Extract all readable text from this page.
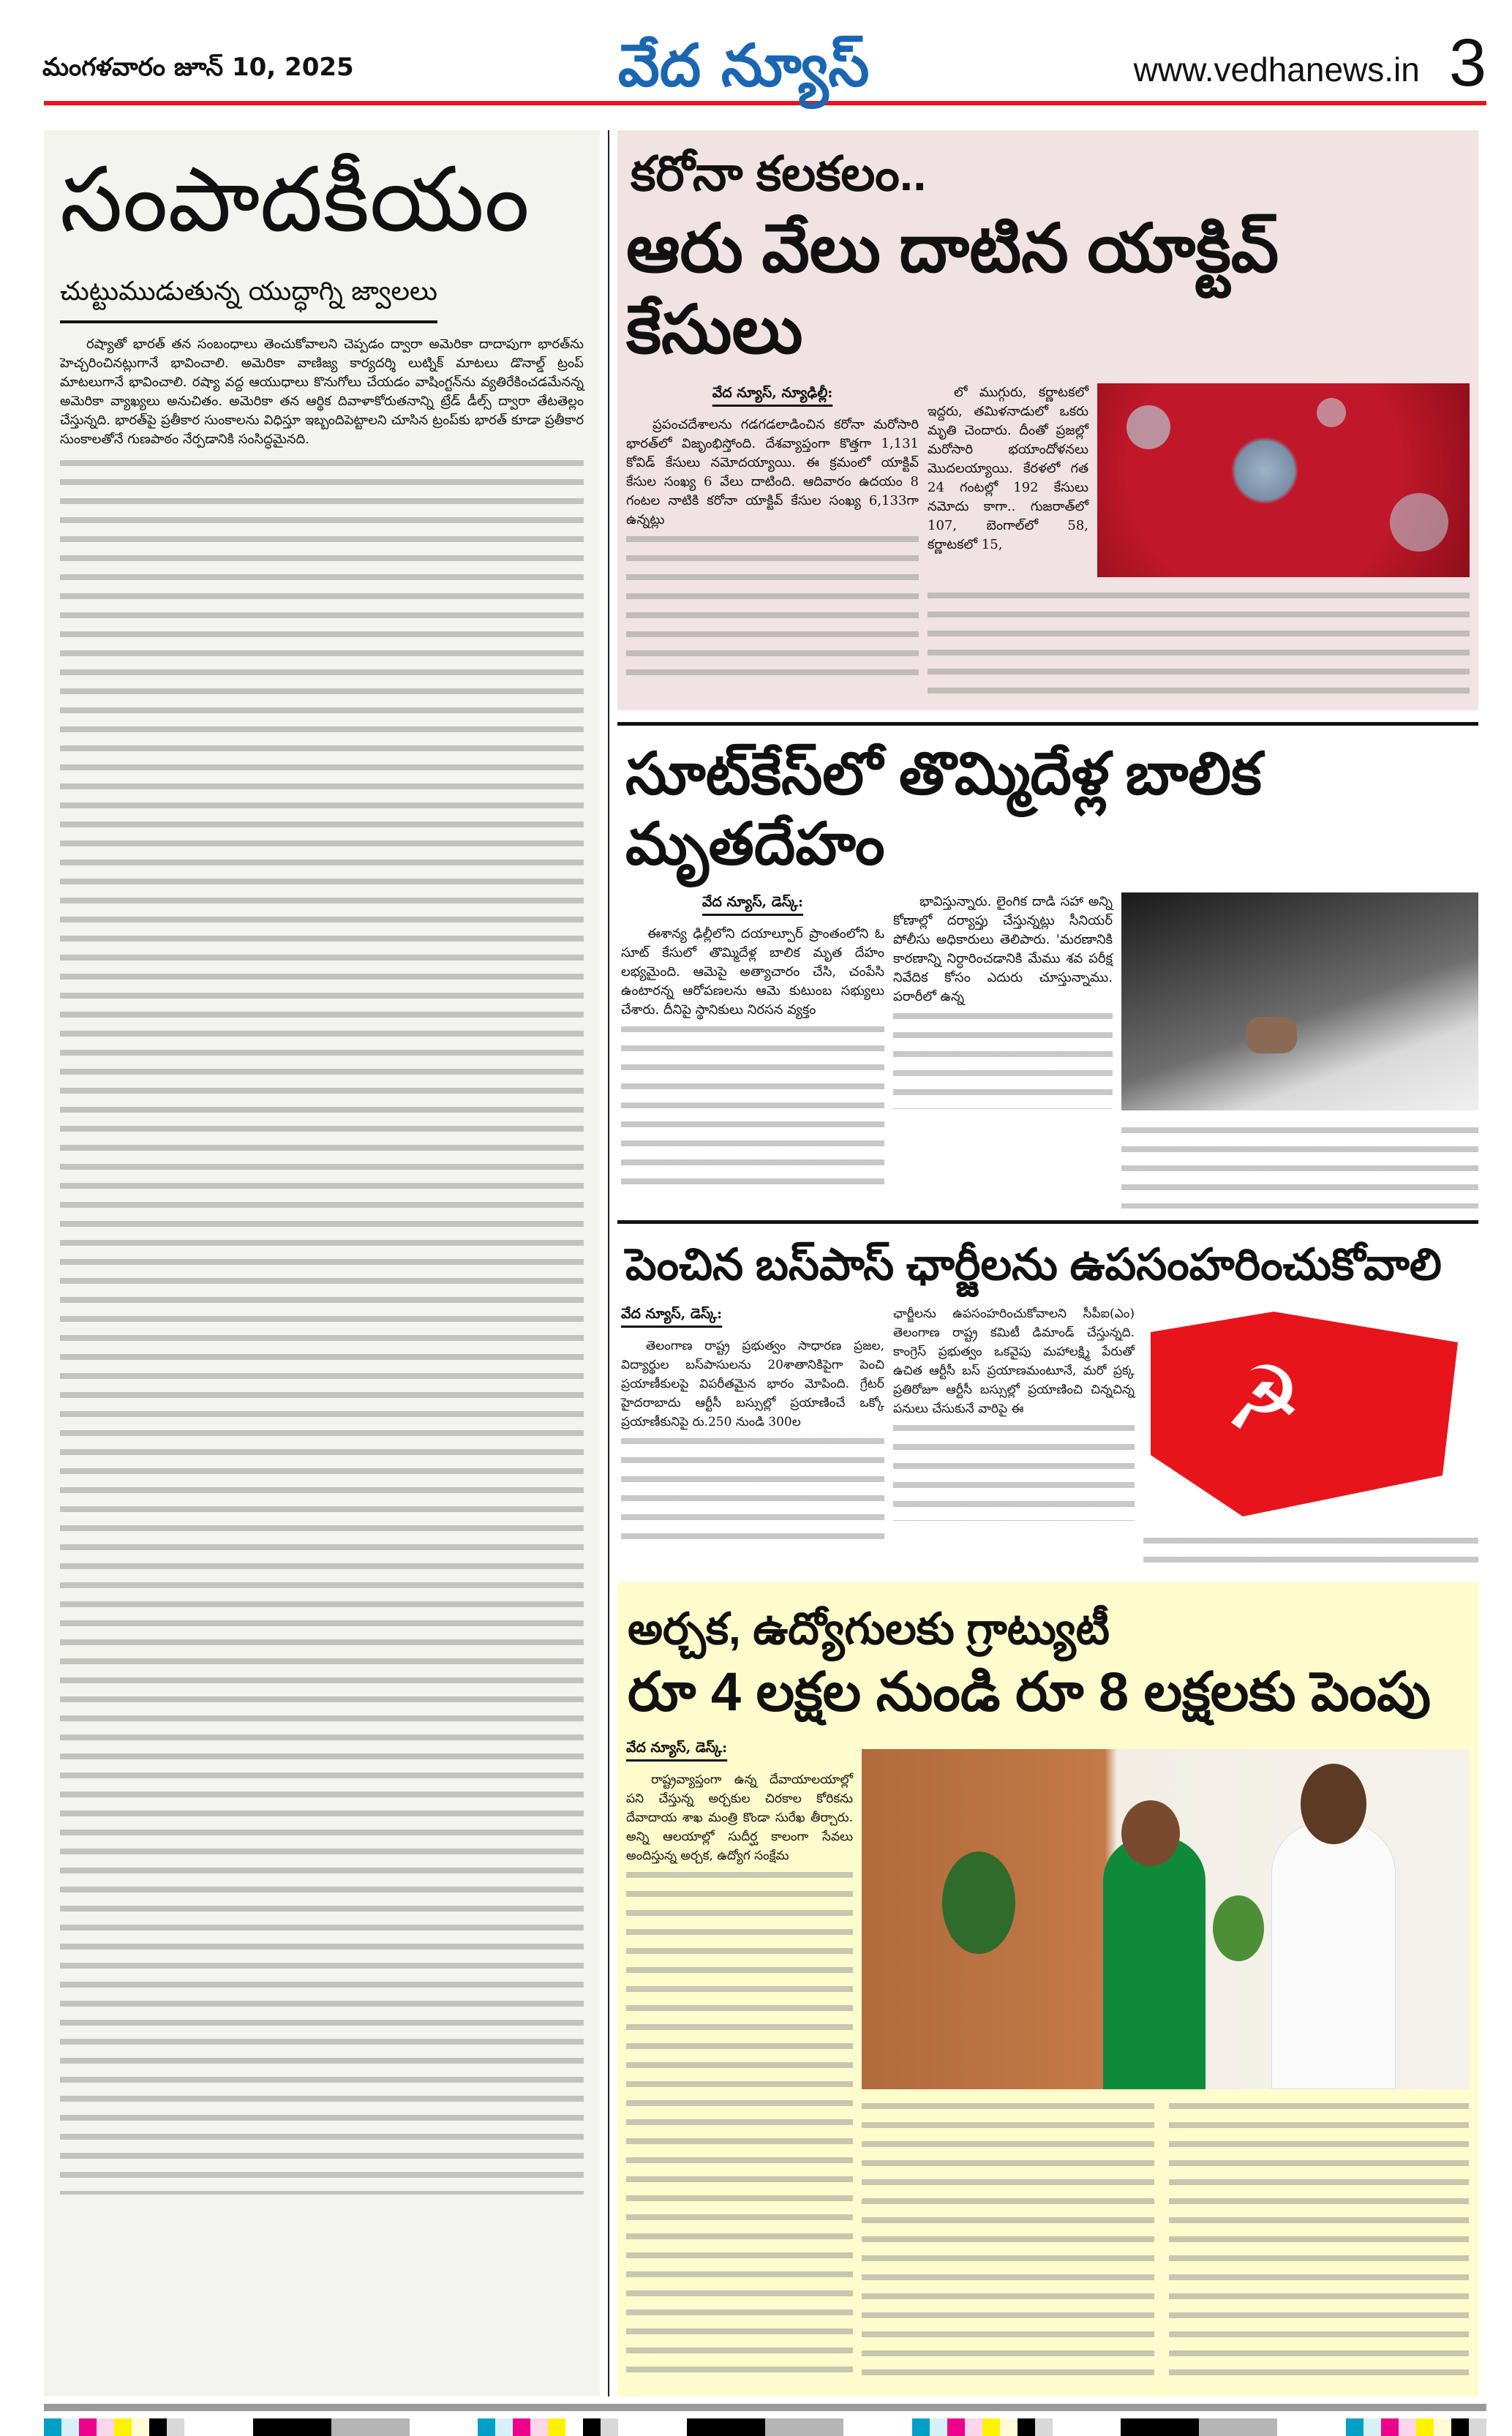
మంగళవారం జూన్ 10, 2025	వేద న్యూస్	www.vedhanews.in 3
సంపాదకీయం
చుట్టుముడుతున్న యుద్ధాగ్ని జ్వాలలు

రష్యాతో భారత్ తన సంబంధాలు తెంచుకోవాలని చెప్పడం ద్వారా అమెరికా దాదాపుగా భారత్‌ను హెచ్చరించినట్లుగానే భావించాలి. అమెరికా వాణిజ్య కార్యదర్శి లుట్నిక్ మాటలు డొనాల్డ్ ట్రంప్ మాటలుగానే భావించాలి. రష్యా వద్ద ఆయుధాలు కొనుగోలు చేయడం వాషింగ్టన్‌ను వ్యతిరేకించడమేనన్న అమెరికా వ్యాఖ్యలు అనుచితం. అమెరికా తన ఆర్థిక దివాళాకోరుతనాన్ని ట్రేడ్ డీల్స్ ద్వారా తేటతెల్లం చేస్తున్నది. భారత్‌పై ప్రతీకార సుంకాలను విధిస్తూ ఇబ్బందిపెట్టాలని చూసిన ట్రంప్‌కు భారత్ కూడా ప్రతీకార సుంకాలతోనే గుణపాఠం నేర్పడానికి సంసిద్ధమైనది.

కరోనా కలకలం..
ఆరు వేలు దాటిన యాక్టివ్ కేసులు
వేద న్యూస్, న్యూఢిల్లీ:

ప్రపంచదేశాలను గడగడలాడించిన కరోనా మరోసారి భారత్‌లో విజృంభిస్తోంది. దేశవ్యాప్తంగా కొత్తగా 1,131 కోవిడ్ కేసులు నమోదయ్యాయి. ఈ క్రమంలో యాక్టివ్ కేసుల సంఖ్య 6 వేలు దాటింది. ఆదివారం ఉదయం 8 గంటల నాటికి కరోనా యాక్టివ్ కేసుల సంఖ్య 6,133గా ఉన్నట్లు

లో ముగ్గురు, కర్ణాటకలో ఇద్దరు, తమిళనాడులో ఒకరు మృతి చెందారు. దీంతో ప్రజల్లో మరోసారి భయాందోళనలు మొదలయ్యాయి. కేరళలో గత 24 గంటల్లో 192 కేసులు నమోదు కాగా.. గుజరాత్‌లో 107, బెంగాల్‌లో 58, కర్ణాటకలో 15,

సూట్‌కేస్‌లో తొమ్మిదేళ్ల బాలిక మృతదేహం
వేద న్యూస్, డెస్క్:

ఈశాన్య ఢిల్లీలోని దయాల్పూర్ ప్రాంతంలోని ఓ సూట్ కేసులో తొమ్మిదేళ్ల బాలిక మృత దేహం లభ్యమైంది. ఆమెపై అత్యాచారం చేసి, చంపేసి ఉంటారన్న ఆరోపణలను ఆమె కుటుంబ సభ్యులు చేశారు. దీనిపై స్థానికులు నిరసన వ్యక్తం

భావిస్తున్నారు. లైంగిక దాడి సహా అన్ని కోణాల్లో దర్యాప్తు చేస్తున్నట్లు సీనియర్ పోలీసు అధికారులు తెలిపారు. 'మరణానికి కారణాన్ని నిర్ధారించడానికి మేము శవ పరీక్ష నివేదిక కోసం ఎదురు చూస్తున్నాము. పరారీలో ఉన్న

పెంచిన బస్‌పాస్ ఛార్జీలను ఉపసంహరించుకోవాలి
వేద న్యూస్, డెస్క్:

తెలంగాణ రాష్ట్ర ప్రభుత్వం సాధారణ ప్రజల, విద్యార్థుల బస్‌పాసులను 20శాతానికిపైగా పెంచి ప్రయాణీకులపై విపరీతమైన భారం మోపింది. గ్రేటర్ హైదరాబాదు ఆర్టీసీ బస్సుల్లో ప్రయాణించే ఒక్కో ప్రయాణీకునిపై రు.250 నుండి 300ల

ఛార్జీలను ఉపసంహరించుకోవాలని సీపీఐ(ఎం) తెలంగాణ రాష్ట్ర కమిటీ డిమాండ్ చేస్తున్నది. కాంగ్రెస్ ప్రభుత్వం ఒకవైపు మహాలక్ష్మి పేరుతో ఉచిత ఆర్టీసీ బస్ ప్రయాణమంటూనే, మరో ప్రక్క ప్రతిరోజూ ఆర్టీసీ బస్సుల్లో ప్రయాణించి చిన్నచిన్న పనులు చేసుకునే వారిపై ఈ	☭
అర్చక, ఉద్యోగులకు గ్రాట్యుటీ
రూ 4 లక్షల నుండి రూ 8 లక్షలకు పెంపు
వేద న్యూస్, డెస్క్:

రాష్ట్రవ్యాప్తంగా ఉన్న దేవాయాలయాల్లో పని చేస్తున్న అర్చకుల చిరకాల కోరికను దేవాదాయ శాఖ మంత్రి కొండా సురేఖ తీర్చారు. అన్ని ఆలయాల్లో సుదీర్ఘ కాలంగా సేవలు అందిస్తున్న అర్చక, ఉద్యోగ సంక్షేమ
